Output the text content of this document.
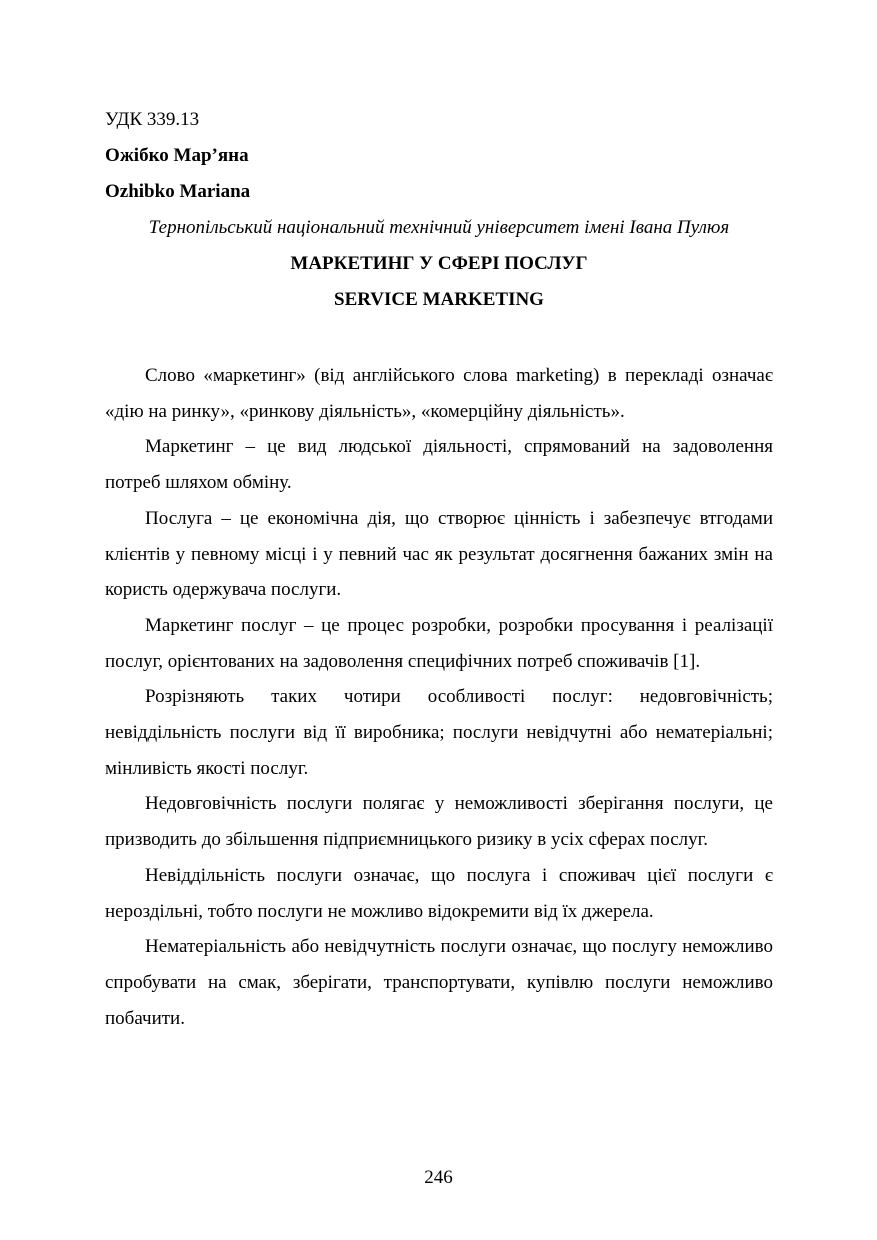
УДК 339.13

Ожібко Мар’яна

Ozhibko Mariana

Тернопільський національний технічний університет імені Івана Пулюя

МАРКЕТИНГ У СФЕРІ ПОСЛУГ

SERVICE MARKETING

Слово «маркетинг» (від англійського слова marketing) в перекладі означає «дію на ринку», «ринкову діяльність», «комерційну діяльність».

Маркетинг – це вид людської діяльності, спрямований на задоволення потреб шляхом обміну.

Послуга – це економічна дія, що створює цінність і забезпечує втгодами клієнтів у певному місці і у певний час як результат досягнення бажаних змін на користь одержувача послуги.

Маркетинг послуг – це процес розробки, розробки просування і реалізації послуг, орієнтованих на задоволення специфічних потреб споживачів [1].

Розрізняють таких чотири особливості послуг: недовговічність; невіддільність послуги від її виробника; послуги невідчутні або нематеріальні; мінливість якості послуг.

Недовговічність послуги полягає у неможливості зберігання послуги, це призводить до збільшення підприємницького ризику в усіх сферах послуг.

Невіддільність послуги означає, що послуга і споживач цієї послуги є нероздільні, тобто послуги не можливо відокремити від їх джерела.

Нематеріальність або невідчутність послуги означає, що послугу неможливо спробувати на смак, зберігати, транспортувати, купівлю послуги неможливо побачити.

246
